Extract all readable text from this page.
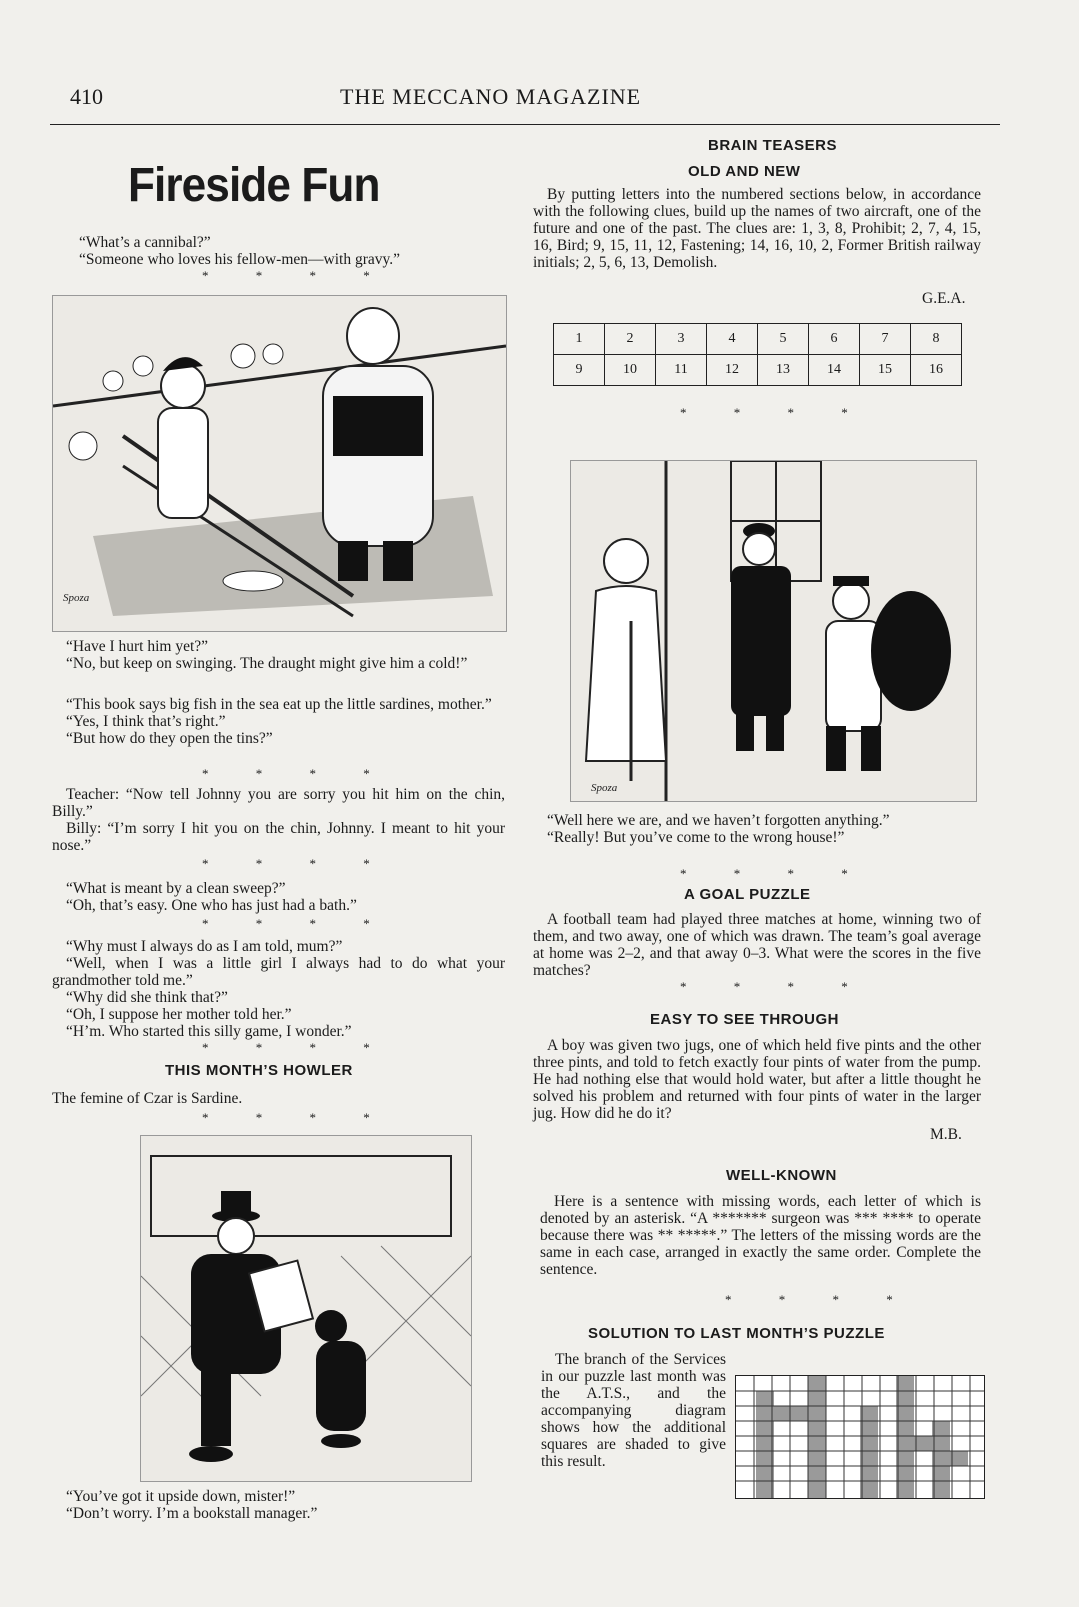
410	THE MECCANO MAGAZINE
Fireside Fun

“What’s a cannibal?”

“Someone who loves his fellow-men—with gravy.”

* * * *
Spoza

“Have I hurt him yet?”

“No, but keep on swinging. The draught might give him a cold!”

“This book says big fish in the sea eat up the little sardines, mother.”

“Yes, I think that’s right.”

“But how do they open the tins?”

* * * *

Teacher: “Now tell Johnny you are sorry you hit him on the chin, Billy.”

Billy: “I’m sorry I hit you on the chin, Johnny. I meant to hit your nose.”

* * * *

“What is meant by a clean sweep?”

“Oh, that’s easy. One who has just had a bath.”

* * * *

“Why must I always do as I am told, mum?”

“Well, when I was a little girl I always had to do what your grandmother told me.”

“Why did she think that?”

“Oh, I suppose her mother told her.”

“H’m. Who started this silly game, I wonder.”

* * * *
THIS MONTH’S HOWLER

The femine of Czar is Sardine.

* * * *

“You’ve got it upside down, mister!”

“Don’t worry. I’m a bookstall manager.”

BRAIN TEASERS
OLD AND NEW

By putting letters into the numbered sections below, in accordance with the following clues, build up the names of two aircraft, one of the future and one of the past. The clues are: 1, 3, 8, Prohibit; 2, 7, 4, 15, 16, Bird; 9, 15, 11, 12, Fastening; 14, 16, 10, 2, Former British railway initials; 2, 5, 6, 13, Demolish.

G.E.A.
1	2	3	4	5	6	7	8
9	10	11	12	13	14	15	16
* * * *
Spoza

“Well here we are, and we haven’t forgotten anything.”

“Really! But you’ve come to the wrong house!”

* * * *
A GOAL PUZZLE

A football team had played three matches at home, winning two of them, and two away, one of which was drawn. The team’s goal average at home was 2–2, and that away 0–3. What were the scores in the five matches?

* * * *
EASY TO SEE THROUGH

A boy was given two jugs, one of which held five pints and the other three pints, and told to fetch exactly four pints of water from the pump. He had nothing else that would hold water, but after a little thought he solved his problem and returned with four pints of water in the larger jug. How did he do it?

M.B.
WELL-KNOWN

Here is a sentence with missing words, each letter of which is denoted by an asterisk. “A ******* surgeon was *** **** to operate because there was ** *****.” The letters of the missing words are the same in each case, arranged in exactly the same order. Complete the sentence.

* * * *
SOLUTION TO LAST MONTH’S PUZZLE

The branch of the Services in our puzzle last month was the A.T.S., and the accompanying diagram shows how the additional squares are shaded to give this result.
